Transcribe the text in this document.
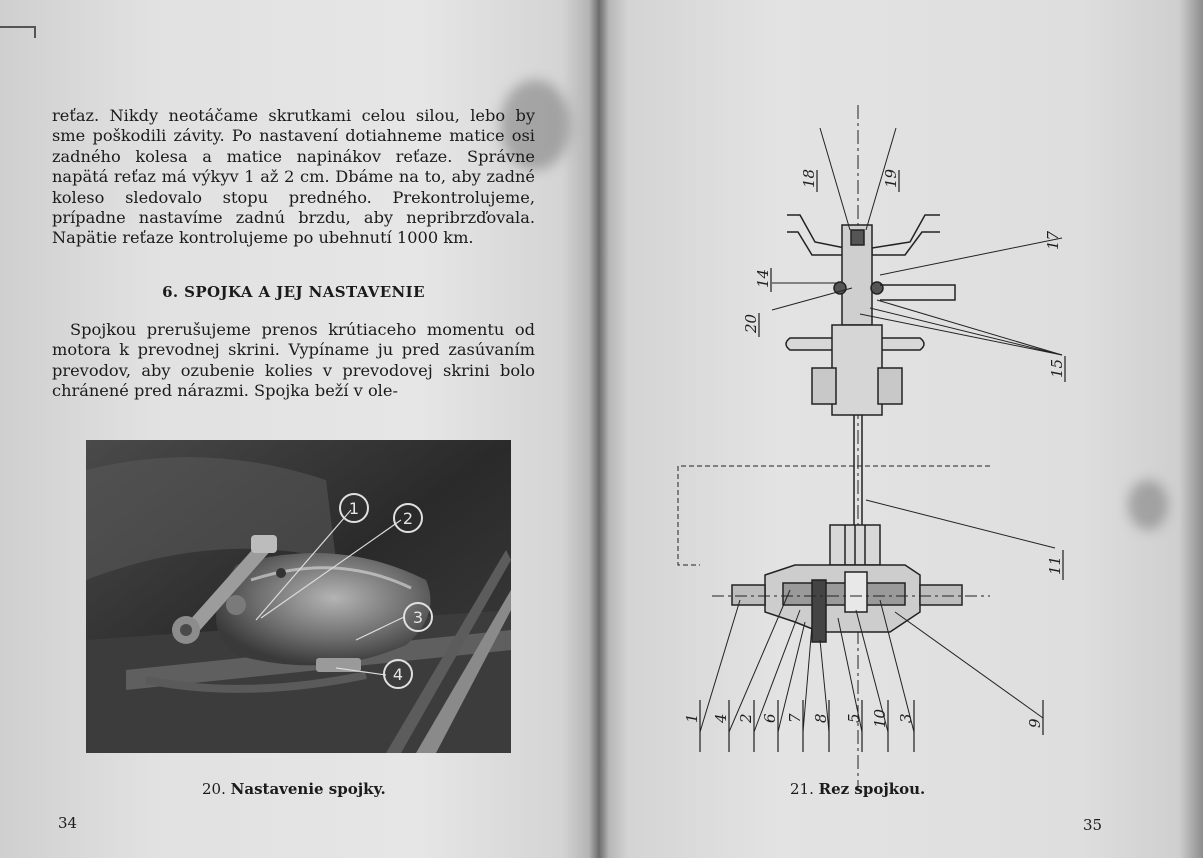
reťaz. Nikdy neotáčame skrutkami celou silou, lebo by sme poškodili závity. Po nastavení dotiahneme matice osi zadného kolesa a matice napinákov reťaze. Správne napätá reťaz má výkyv 1 až 2 cm. Dbáme na to, aby zadné koleso sledovalo stopu predného. Prekontrolujeme, prípadne nastavíme zadnú brzdu, aby nepribrzďovala. Napätie reťaze kontrolujeme po ubehnutí 1000 km.

6. SPOJKA A JEJ NASTAVENIE

Spojkou prerušujeme prenos krútiaceho momentu od motora k prevodnej skrini. Vypíname ju pred zasúvaním prevodov, aby ozubenie kolies v prevodovej skrini bolo chránené pred nárazmi. Spojka beží v ole-

1
2
3
4
20. Nastavenie spojky.
34
18	19
17
14
20
15
11
1 4 2 6 7 8 5 10 3
9
21. Rez spojkou.
35
